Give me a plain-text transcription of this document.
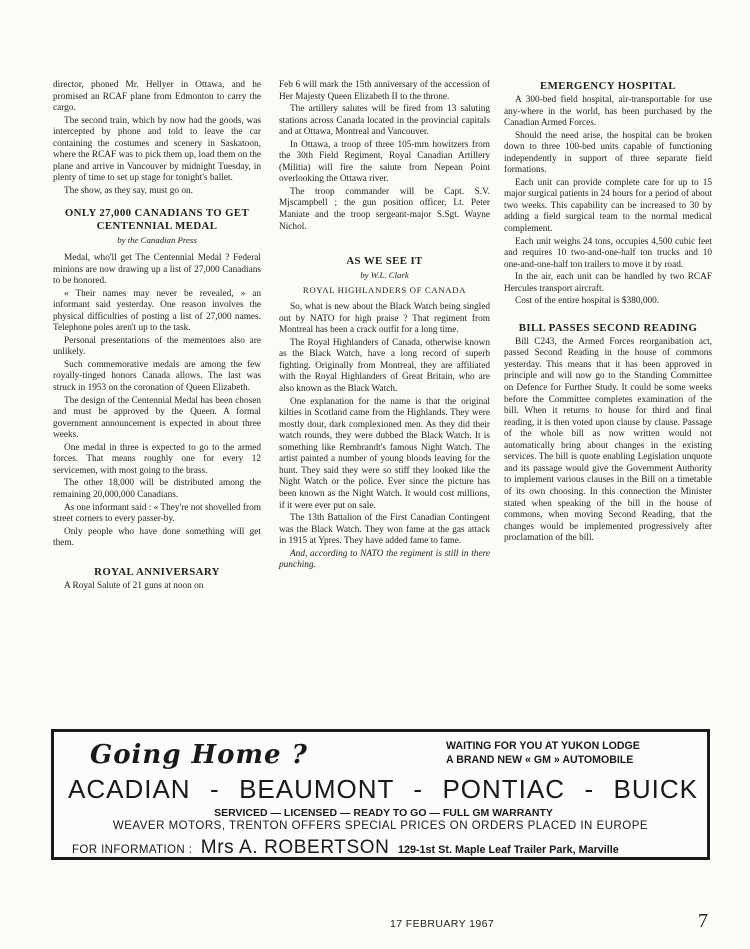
director, phoned Mr. Hellyer in Ottawa, and he promised an RCAF plane from Edmonton to carry the cargo.

The second train, which by now had the goods, was intercepted by phone and told to leave the car containing the costumes and scenery in Saskatoon, where the RCAF was to pick them up, load them on the plane and arrive in Vancouver by midnight Tuesday, in plenty of time to set up stage for tonight's ballet.

The show, as they say, must go on.

ONLY 27,000 CANADIANS TO GET CENTENNIAL MEDAL
by the Canadian Press

Medal, who'll get The Centennial Medal ? Federal minions are now drawing up a list of 27,000 Canadians to be honored.

« Their names may never be revealed, » an informant said yesterday. One reason involves the physical difficulties of posting a list of 27,000 names. Telephone poles aren't up to the task.

Personal presentations of the mementoes also are unlikely.

Such commemorative medals are among the few royally-tinged honors Canada allows. The last was struck in 1953 on the coronation of Queen Elizabeth.

The design of the Centennial Medal has been chosen and must be approved by the Queen. A formal government announcement is expected in about three weeks.

One medal in three is expected to go to the armed forces. That means roughly one for every 12 servicemen, with most going to the brass.

The other 18,000 will be distributed among the remaining 20,000,000 Canadians.

As one informant said : « They're not shovelled from street corners to every passer-by.

Only people who have done something will get them.

ROYAL ANNIVERSARY

A Royal Salute of 21 guns at noon on

Feb 6 will mark the 15th anniversary of the accession of Her Majesty Queen Elizabeth II to the throne.

The artillery salutes will be fired from 13 saluting stations across Canada located in the provincial capitals and at Ottawa, Montreal and Vancouver.

In Ottawa, a troop of three 105-mm howitzers from the 30th Field Regiment, Royal Canadian Artillery (Militia) will fire the salute from Nepean Point overlooking the Ottawa river.

The troop commander will be Capt. S.V. Mjscampbell ; the gun position officer, Lt. Peter Maniate and the troop sergeant-major S.Sgt. Wayne Nichol.

AS WE SEE IT
by W.L. Clark
ROYAL HIGHLANDERS OF CANADA

So, what is new about the Black Watch being singled out by NATO for high praise ? That regiment from Montreal has been a crack outfit for a long time.

The Royal Highlanders of Canada, otherwise known as the Black Watch, have a long record of superb fighting. Originally from Montreal, they are affiliated with the Royal Highlanders of Great Britain, who are also known as the Black Watch.

One explanation for the name is that the original kilties in Scotland came from the Highlands. They were mostly dour, dark complexioned men. As they did their watch rounds, they were dubbed the Black Watch. It is something like Rembrandt's famous Night Watch. The artist painted a number of young bloods leaving for the hunt. They said they were so stiff they looked like the Night Watch or the police. Ever since the picture has been known as the Night Watch. It would cost millions, if it were ever put on sale.

The 13th Battalion of the First Canadian Contingent was the Black Watch. They won fame at the gas attack in 1915 at Ypres. They have added fame to fame.

And, according to NATO the regiment is still in there punching.

EMERGENCY HOSPITAL

A 300-bed field hospital, air-transportable for use any-where in the world, has been purchased by the Canadian Armed Forces.

Should the need arise, the hospital can be broken down to three 100-bed units capable of functioning independently in support of three separate field formations.

Each unit can provide complete care for up to 15 major surgical patients in 24 hours for a period of about two weeks. This capability can be increased to 30 by adding a field surgical team to the normal medical complement.

Each unit weighs 24 tons, occupies 4,500 cubic feet and requires 10 two-and-one-half ton trucks and 10 one-and-one-half ton trailers to move it by road.

In the air, each unit can be handled by two RCAF Hercules transport aircraft.

Cost of the entire hospital is $380,000.

BILL PASSES SECOND READING

Bill C243, the Armed Forces reorganibation act, passed Second Reading in the house of commons yesterday. This means that it has been approved in principle and will now go to the Standing Committee on Defence for Further Study. It could be some weeks before the Committee completes examination of the bill. When it returns to house for third and final reading, it is then voted upon clause by clause. Passage of the whole bill as now written would not automatically bring about changes in the existing services. The bill is quote enabling Legislation unquote and its passage would give the Government Authority to implement various clauses in the Bill on a timetable of its own choosing. In this connection the Minister stated when speaking of the bill in the house of commons, when moving Second Reading, that the changes would be implemented progressively after proclamation of the bill.

Going Home ?	WAITING FOR YOU AT YUKON LODGE
A BRAND NEW « GM » AUTOMOBILE
ACADIAN - BEAUMONT - PONTIAC - BUICK
SERVICED — LICENSED — READY TO GO — FULL GM WARRANTY
WEAVER MOTORS, TRENTON OFFERS SPECIAL PRICES ON ORDERS PLACED IN EUROPE
FOR INFORMATION : Mrs A. ROBERTSON 129-1st St. Maple Leaf Trailer Park, Marville
17 FEBRUARY 1967	7
